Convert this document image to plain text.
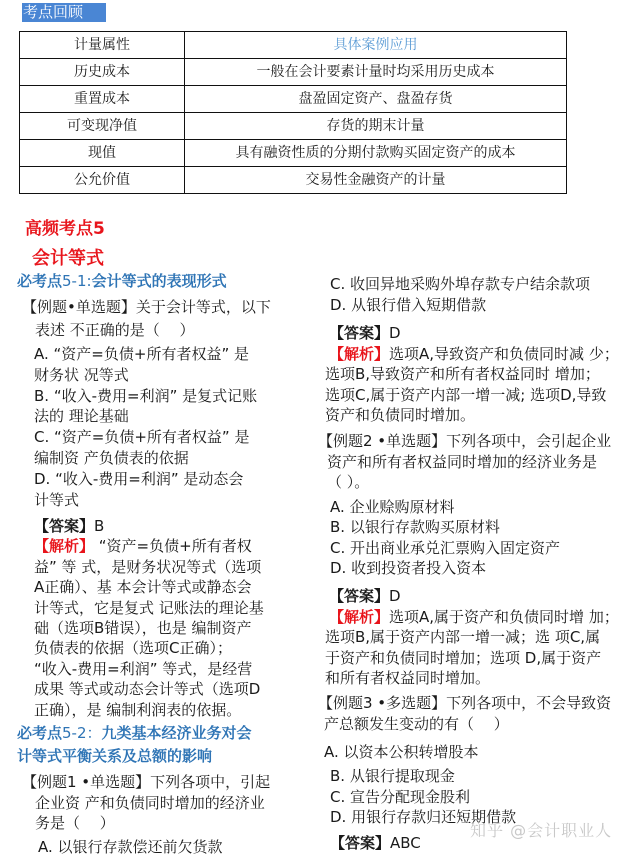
考点回顾
计量属性	具体案例应用
历史成本	一般在会计要素计量时均采用历史成本
重置成本	盘盈固定资产、盘盈存货
可变现净值	存货的期末计量
现值	具有融资性质的分期付款购买固定资产的成本
公允价值	交易性金融资产的计量
高频考点5
会计等式
必考点5-1:会计等式的表现形式
【例题•单选题】关于会计等式，以下
表述 不正确的是（　 ）
A. “资产=负债+所有者权益” 是
财务状 况等式
B. “收入-费用=利润” 是复式记账
法的 理论基础
C. “资产=负债+所有者权益” 是
编制资 产负债表的依据
D. “收入-费用=利润” 是动态会
计等式
【答案】B
【解析】 “资产=负债+所有者权
益” 等 式，是财务状况等式（选项
A正确）、基 本会计等式或静态会
计等式，它是复式 记账法的理论基
础（选项B错误），也是 编制资产
负债表的依据（选项C正确）；
“收入-费用=利润” 等式，是经营
成果 等式或动态会计等式（选项D
正确），是 编制利润表的依据。
必考点5-2：九类基本经济业务对会
计等式平衡关系及总额的影响
【例题1 •单选题】下列各项中，引起
企业资 产和负债同时增加的经济业
务是（　 ）
A. 以银行存款偿还前欠货款
C. 收回异地采购外埠存款专户结余款项
D. 从银行借入短期借款
【答案】D
【解析】选项A,导致资产和负债同时减 少；
选项B,导致资产和所有者权益同时 增加；
选项C,属于资产内部一增一减; 选项D,导致
资产和负债同时增加。
【例题2 •单选题】下列各项中，会引起企业
资产和所有者权益同时增加的经济业务是
（ ）。
A. 企业赊购原材料
B. 以银行存款购买原材料
C. 开出商业承兑汇票购入固定资产
D. 收到投资者投入资本
【答案】D
【解析】选项A,属于资产和负债同时增 加；
选项B,属于资产内部一增一减；选 项C,属
于资产和负债同时增加；选项 D,属于资产
和所有者权益同时增加。
【例题3 •多选题】下列各项中，不会导致资
产总额发生变动的有（　 ）
A. 以资本公积转增股本
B. 从银行提取现金
C. 宣告分配现金股利
D. 用银行存款归还短期借款
【答案】ABC
知乎 @会计职业人
